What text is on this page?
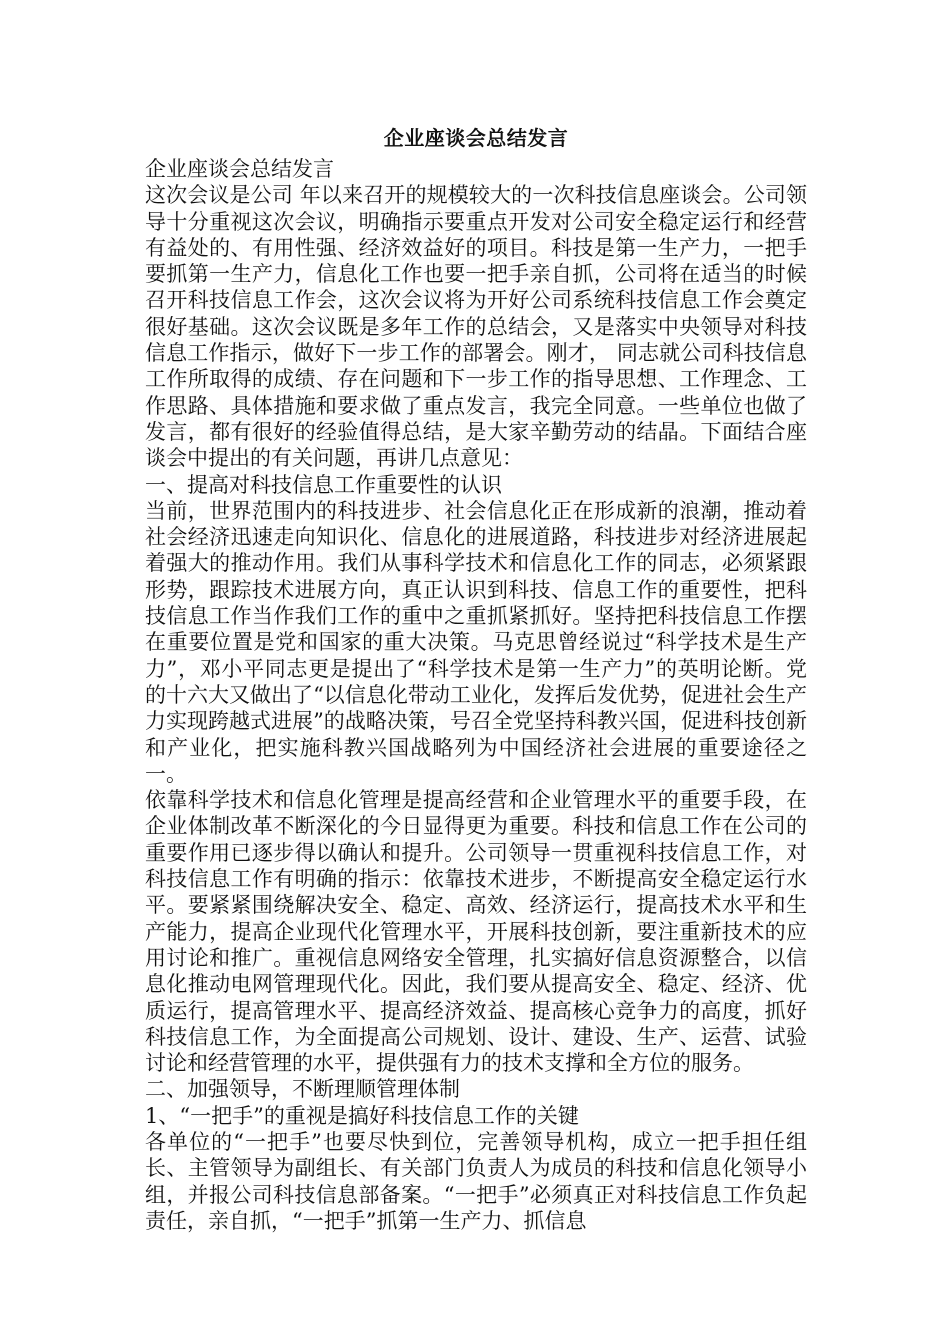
企业座谈会总结发言

企业座谈会总结发言

这次会议是公司 年以来召开的规模较大的一次科技信息座谈会。公司领导十分重视这次会议，明确指示要重点开发对公司安全稳定运行和经营有益处的、有用性强、经济效益好的项目。科技是第一生产力，一把手要抓第一生产力，信息化工作也要一把手亲自抓，公司将在适当的时候召开科技信息工作会，这次会议将为开好公司系统科技信息工作会奠定很好基础。这次会议既是多年工作的总结会，又是落实中央领导对科技信息工作指示，做好下一步工作的部署会。刚才， 同志就公司科技信息工作所取得的成绩、存在问题和下一步工作的指导思想、工作理念、工作思路、具体措施和要求做了重点发言，我完全同意。一些单位也做了发言，都有很好的经验值得总结，是大家辛勤劳动的结晶。下面结合座谈会中提出的有关问题，再讲几点意见：

一、提高对科技信息工作重要性的认识

当前，世界范围内的科技进步、社会信息化正在形成新的浪潮，推动着社会经济迅速走向知识化、信息化的进展道路，科技进步对经济进展起着强大的推动作用。我们从事科学技术和信息化工作的同志，必须紧跟形势，跟踪技术进展方向，真正认识到科技、信息工作的重要性，把科技信息工作当作我们工作的重中之重抓紧抓好。坚持把科技信息工作摆在重要位置是党和国家的重大决策。马克思曾经说过“科学技术是生产力”，邓小平同志更是提出了“科学技术是第一生产力”的英明论断。党的十六大又做出了“以信息化带动工业化，发挥后发优势，促进社会生产力实现跨越式进展”的战略决策，号召全党坚持科教兴国，促进科技创新和产业化，把实施科教兴国战略列为中国经济社会进展的重要途径之一。

依靠科学技术和信息化管理是提高经营和企业管理水平的重要手段，在企业体制改革不断深化的今日显得更为重要。科技和信息工作在公司的重要作用已逐步得以确认和提升。公司领导一贯重视科技信息工作，对科技信息工作有明确的指示：依靠技术进步，不断提高安全稳定运行水平。要紧紧围绕解决安全、稳定、高效、经济运行，提高技术水平和生产能力，提高企业现代化管理水平，开展科技创新，要注重新技术的应用讨论和推广。重视信息网络安全管理，扎实搞好信息资源整合，以信息化推动电网管理现代化。因此，我们要从提高安全、稳定、经济、优质运行，提高管理水平、提高经济效益、提高核心竞争力的高度，抓好科技信息工作，为全面提高公司规划、设计、建设、生产、运营、试验讨论和经营管理的水平，提供强有力的技术支撑和全方位的服务。

二、加强领导，不断理顺管理体制

1、“一把手”的重视是搞好科技信息工作的关键

各单位的“一把手”也要尽快到位，完善领导机构，成立一把手担任组长、主管领导为副组长、有关部门负责人为成员的科技和信息化领导小组，并报公司科技信息部备案。“一把手”必须真正对科技信息工作负起责任，亲自抓，“一把手”抓第一生产力、抓信息
